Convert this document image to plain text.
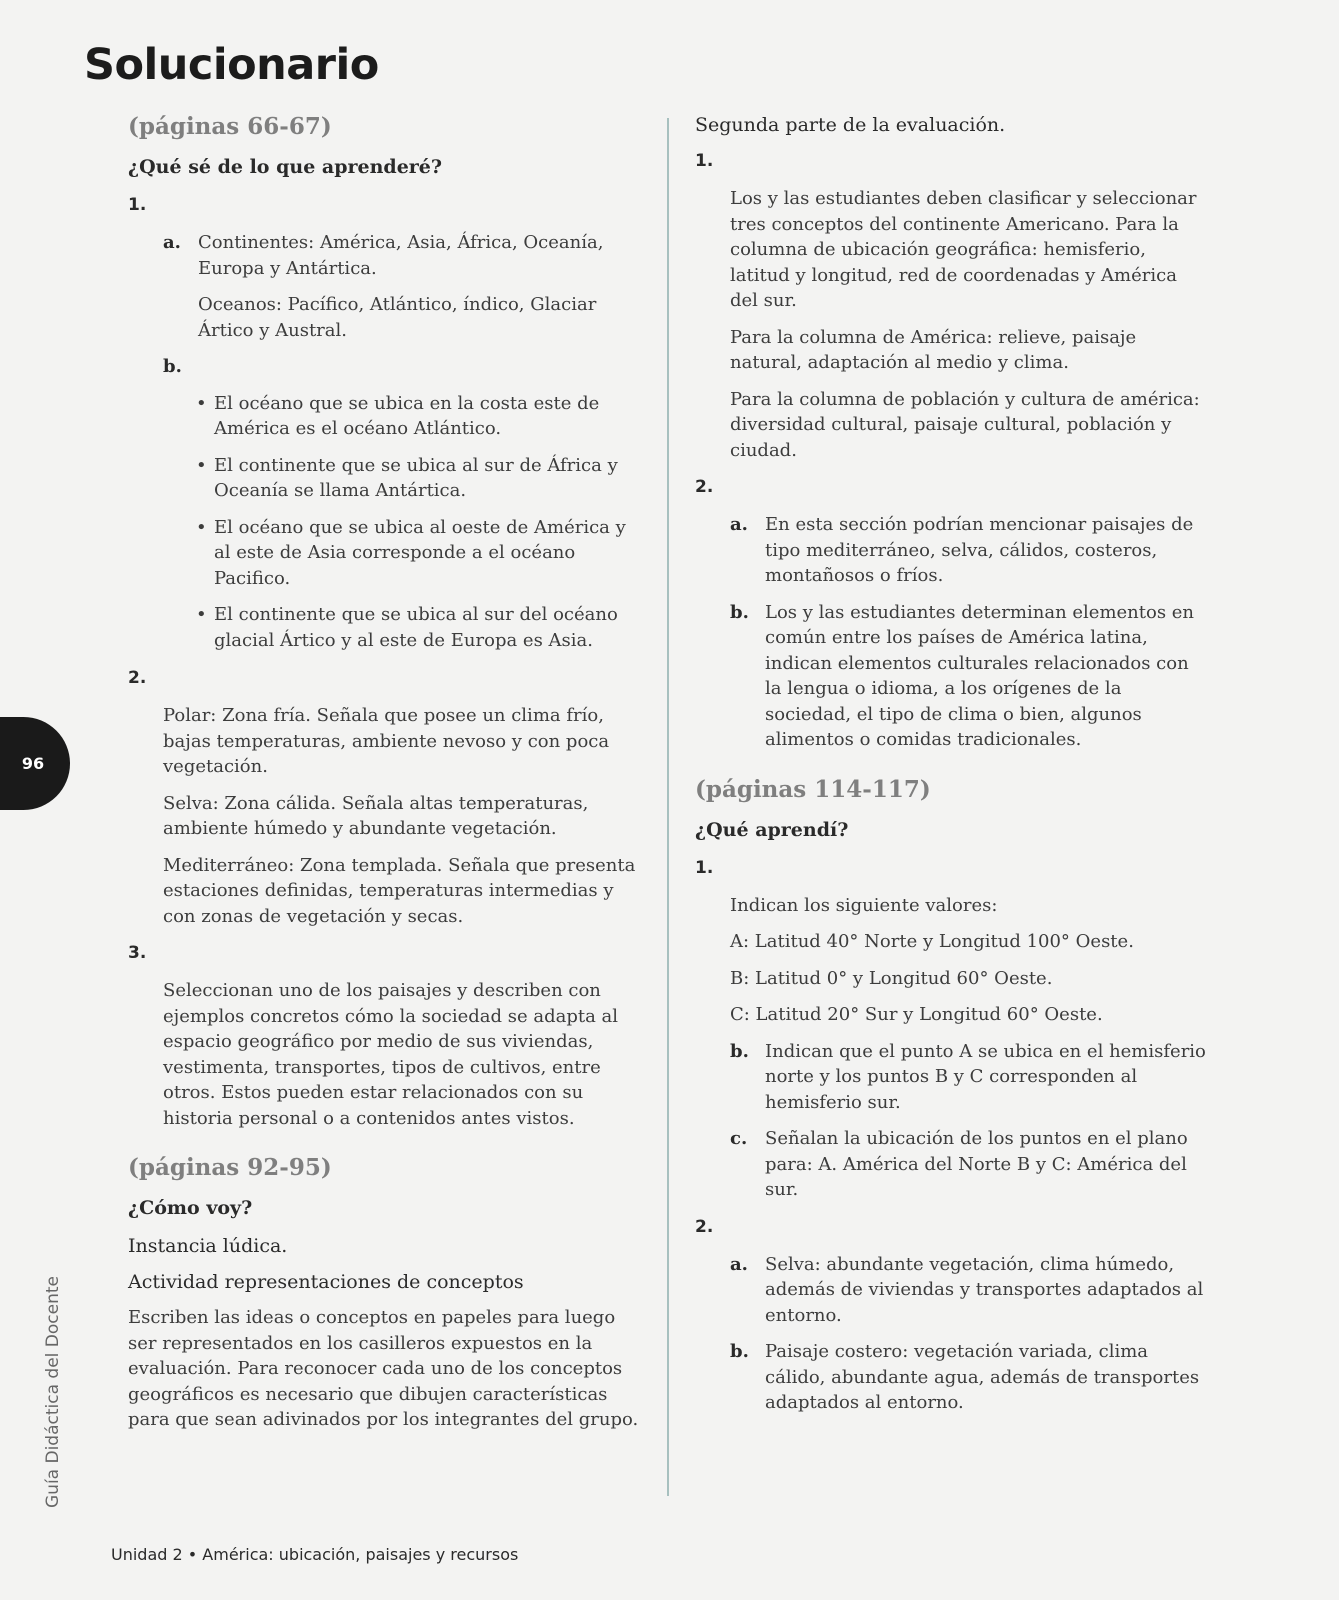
Solucionario

(páginas 66-67)

¿Qué sé de lo que aprenderé?

1.

a. Continentes: América, Asia, África, Oceanía, Europa y Antártica.

Oceanos: Pacífico, Atlántico, índico, Glaciar Ártico y Austral.

b.

• El océano que se ubica en la costa este de América es el océano Atlántico.
• El continente que se ubica al sur de África y Oceanía se llama Antártica.
• El océano que se ubica al oeste de América y al este de Asia corresponde a el océano Pacifico.
• El continente que se ubica al sur del océano glacial Ártico y al este de Europa es Asia.

2.

Polar: Zona fría. Señala que posee un clima frío, bajas temperaturas, ambiente nevoso y con poca vegetación.

Selva: Zona cálida. Señala altas temperaturas, ambiente húmedo y abundante vegetación.

Mediterráneo: Zona templada. Señala que presenta estaciones definidas, temperaturas intermedias y con zonas de vegetación y secas.

3.

Seleccionan uno de los paisajes y describen con ejemplos concretos cómo la sociedad se adapta al espacio geográfico por medio de sus viviendas, vestimenta, transportes, tipos de cultivos, entre otros. Estos pueden estar relacionados con su historia personal o a contenidos antes vistos.

(páginas 92-95)

¿Cómo voy?

Instancia lúdica.

Actividad representaciones de conceptos

Escriben las ideas o conceptos en papeles para luego ser representados en los casilleros expuestos en la evaluación. Para reconocer cada uno de los conceptos geográficos es necesario que dibujen características para que sean adivinados por los integrantes del grupo.

Segunda parte de la evaluación.

1.

Los y las estudiantes deben clasificar y seleccionar tres conceptos del continente Americano. Para la columna de ubicación geográfica: hemisferio, latitud y longitud, red de coordenadas y América del sur.

Para la columna de América: relieve, paisaje natural, adaptación al medio y clima.

Para la columna de población y cultura de américa: diversidad cultural, paisaje cultural, población y ciudad.

2.

a. En esta sección podrían mencionar paisajes de tipo mediterráneo, selva, cálidos, costeros, montañosos o fríos.
b. Los y las estudiantes determinan elementos en común entre los países de América latina, indican elementos culturales relacionados con la lengua o idioma, a los orígenes de la sociedad, el tipo de clima o bien, algunos alimentos o comidas tradicionales.

(páginas 114-117)

¿Qué aprendí?

1.

Indican los siguiente valores:

A: Latitud 40° Norte y Longitud 100° Oeste.

B: Latitud 0° y Longitud 60° Oeste.

C: Latitud 20° Sur y Longitud 60° Oeste.

b. Indican que el punto A se ubica en el hemisferio norte y los puntos B y C corresponden al hemisferio sur.
c. Señalan la ubicación de los puntos en el plano para: A. América del Norte B y C: América del sur.

2.

a. Selva: abundante vegetación, clima húmedo, además de viviendas y transportes adaptados al entorno.
b. Paisaje costero: vegetación variada, clima cálido, abundante agua, además de transportes adaptados al entorno.
96
Guía Didáctica del Docente
Unidad 2 • América: ubicación, paisajes y recursos
